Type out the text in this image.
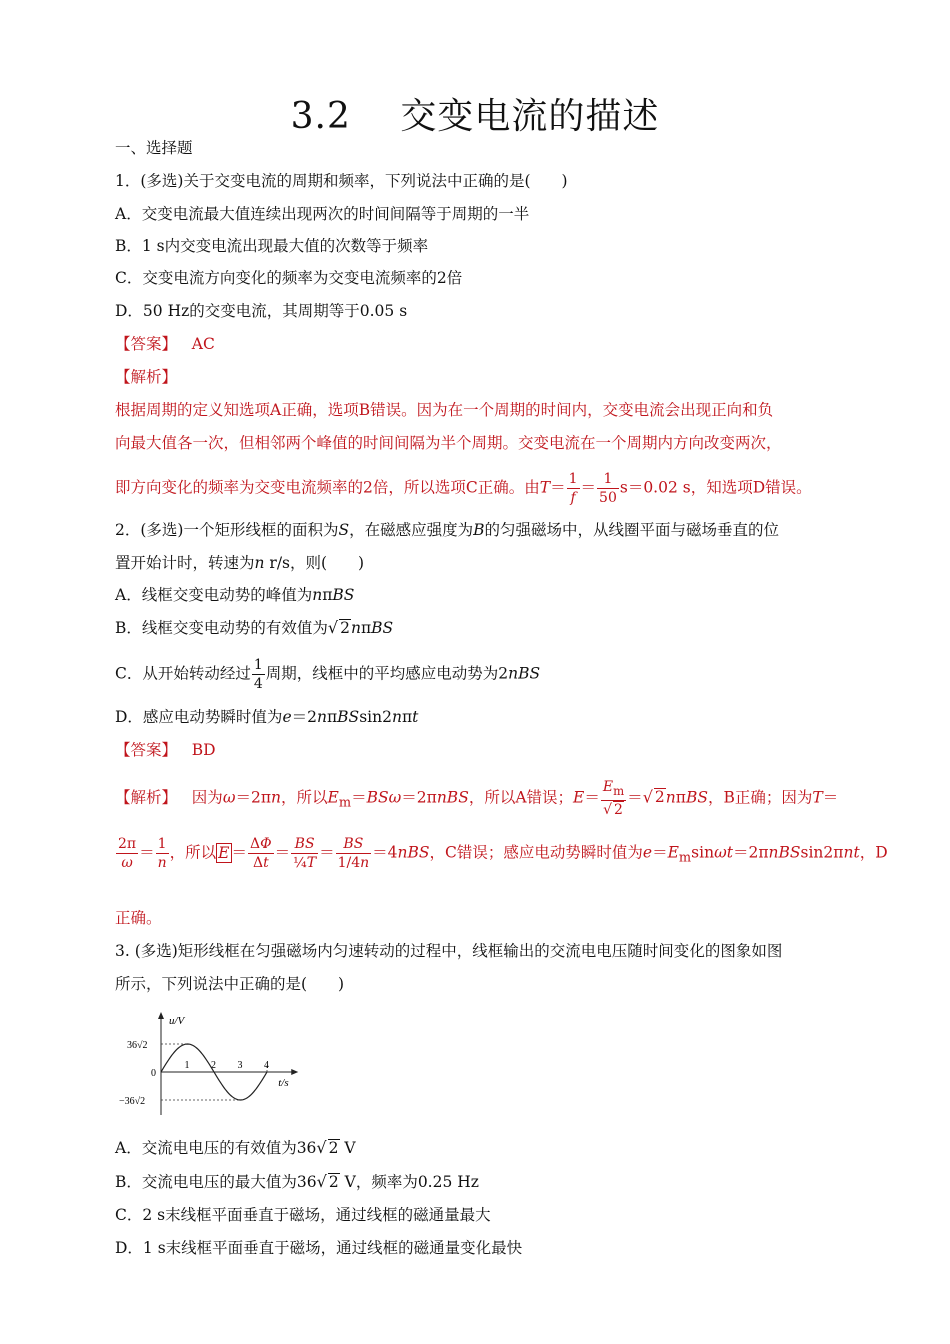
3.2　 交变电流的描述
一、选择题
1．(多选)关于交变电流的周期和频率，下列说法中正确的是(　　)
A．交变电流最大值连续出现两次的时间间隔等于周期的一半
B．1 s内交变电流出现最大值的次数等于频率
C．交变电流方向变化的频率为交变电流频率的2倍
D．50 Hz的交变电流，其周期等于0.05 s
【答案】 AC
【解析】
根据周期的定义知选项A正确，选项B错误。因为在一个周期的时间内，交变电流会出现正向和负
向最大值各一次，但相邻两个峰值的时间间隔为半个周期。交变电流在一个周期内方向改变两次，
即方向变化的频率为交变电流频率的2倍，所以选项C正确。由$T= \frac{1}{f} = \frac{1}{50} s=0.02$ s，知选项D错误。
2．(多选)一个矩形线框的面积为S，在磁感应强度为B的匀强磁场中，从线圈平面与磁场垂直的位
置开始计时，转速为n r/s，则(　　)
A．线框交变电动势的峰值为nπBS
B．线框交变电动势的有效值为√ 2nπBS
C．从开始转动经过 $\frac{1}{4}$ 周期，线框中的平均感应电动势为2nBS
D．感应电动势瞬时值为e＝2nπBSsin2nπt
【答案】 BD
【解析】 因为ω＝2πn，所以$E_m=BS\omega=2\pi nBS$，所以A错误；$E= \frac{E_m}{√ 2}$ ＝√ 2nπBS，B正确；因为T＝
$\frac{2\pi}{\omega} = \frac{1}{n}$ ，所以 $E = \frac{\Delta\Phi}{\Delta t} = \frac{BS}{\text{¼T}} = \frac{BS}{1/4n} =4nBS$，C错误；感应电动势瞬时值为$e=E_m\sin\omega t=2\pi nBSsin2\pi nt$，D
正确。
3. (多选)矩形线框在匀强磁场内匀速转动的过程中，线框输出的交流电电压随时间变化的图象如图
所示，下列说法中正确的是(　　)
u/V
t/s
36√2
0
−36√2
1 2 3 4
A．交流电电压的有效值为36√ 2 V
B．交流电电压的最大值为36√ 2 V，频率为0.25 Hz
C．2 s末线框平面垂直于磁场，通过线框的磁通量最大
D．1 s末线框平面垂直于磁场，通过线框的磁通量变化最快
